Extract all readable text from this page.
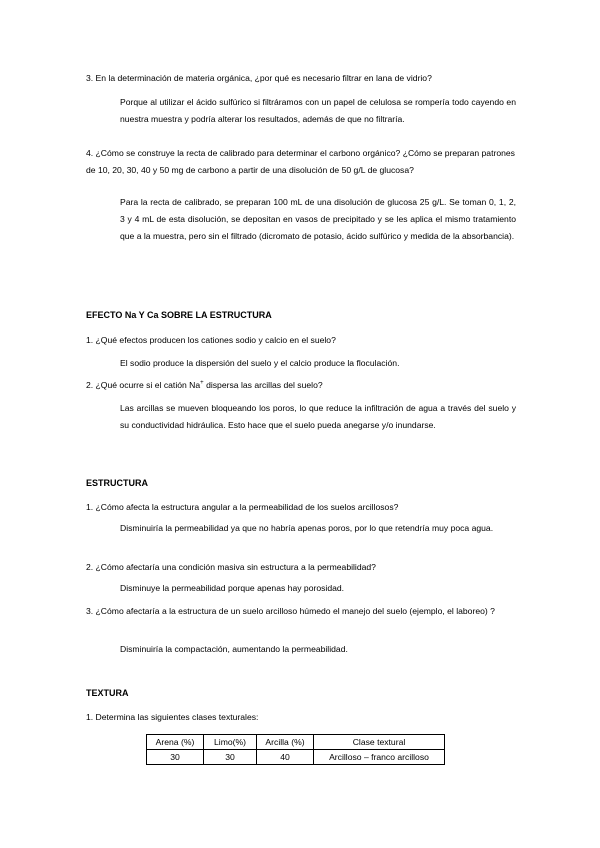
3. En la determinación de materia orgánica, ¿por qué es necesario filtrar en lana de vidrio?
Porque al utilizar el ácido sulfúrico si filtráramos con un papel de celulosa se rompería todo cayendo en nuestra muestra y podría alterar los resultados, además de que no filtraría.
4. ¿Cómo se construye la recta de calibrado para determinar el carbono orgánico? ¿Cómo se preparan patrones de 10, 20, 30, 40 y 50 mg de carbono a partir de una disolución de 50 g/L de glucosa?
Para la recta de calibrado, se preparan 100 mL de una disolución de glucosa 25 g/L. Se toman 0, 1, 2, 3 y 4 mL de esta disolución, se depositan en vasos de precipitado y se les aplica el mismo tratamiento que a la muestra, pero sin el filtrado (dicromato de potasio, ácido sulfúrico y medida de la absorbancia).
EFECTO Na Y Ca SOBRE LA ESTRUCTURA
1. ¿Qué efectos producen los cationes sodio y calcio en el suelo?
El sodio produce la dispersión del suelo y el calcio produce la floculación.
2. ¿Qué ocurre si el catión Na+ dispersa las arcillas del suelo?
Las arcillas se mueven bloqueando los poros, lo que reduce la infiltración de agua a través del suelo y su conductividad hidráulica. Esto hace que el suelo pueda anegarse y/o inundarse.
ESTRUCTURA
1. ¿Cómo afecta la estructura angular a la permeabilidad de los suelos arcillosos?
Disminuiría la permeabilidad ya que no habría apenas poros, por lo que retendría muy poca agua.
2. ¿Cómo afectaría una condición masiva sin estructura a la permeabilidad?
Disminuye la permeabilidad porque apenas hay porosidad.
3. ¿Cómo afectaría a la estructura de un suelo arcilloso húmedo el manejo del suelo (ejemplo, el laboreo) ?
Disminuiría la compactación, aumentando la permeabilidad.
TEXTURA
1. Determina las siguientes clases texturales:
Arena (%)	Limo(%)	Arcilla (%)	Clase textural
30	30	40	Arcilloso – franco arcilloso
